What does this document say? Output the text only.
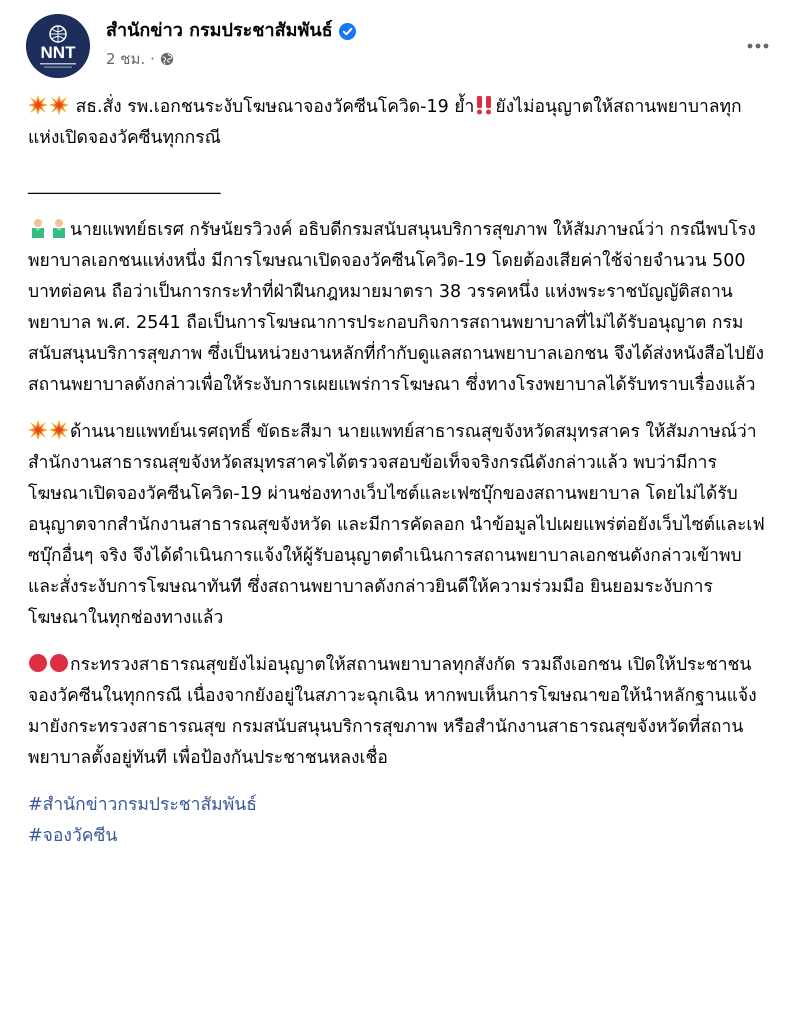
NNT
สำนักข่าว กรมประชาสัมพันธ์
2 ชม. ·

สธ.สั่ง รพ.เอกชนระงับโฆษณาจองวัคซีนโควิด-19 ย้ำ ยังไม่อนุญาตให้สถานพยาบาลทุกแห่งเปิดจองวัคซีนทุกกรณี

______________________

นายแพทย์ธเรศ กรัษนัยรวิวงค์ อธิบดีกรมสนับสนุนบริการสุขภาพ ให้สัมภาษณ์ว่า กรณีพบโรงพยาบาลเอกชนแห่งหนึ่ง มีการโฆษณาเปิดจองวัคซีนโควิด-19 โดยต้องเสียค่าใช้จ่ายจำนวน 500 บาทต่อคน ถือว่าเป็นการกระทำที่ฝ่าฝืนกฎหมายมาตรา 38 วรรคหนึ่ง แห่งพระราชบัญญัติสถานพยาบาล พ.ศ. 2541 ถือเป็นการโฆษณาการประกอบกิจการสถานพยาบาลที่ไม่ได้รับอนุญาต กรมสนับสนุนบริการสุขภาพ ซึ่งเป็นหน่วยงานหลักที่กำกับดูแลสถานพยาบาลเอกชน จึงได้ส่งหนังสือไปยังสถานพยาบาลดังกล่าวเพื่อให้ระงับการเผยแพร่การโฆษณา ซึ่งทางโรงพยาบาลได้รับทราบเรื่องแล้ว

ด้านนายแพทย์นเรศฤทธิ์ ขัดธะสีมา นายแพทย์สาธารณสุขจังหวัดสมุทรสาคร ให้สัมภาษณ์ว่า สำนักงานสาธารณสุขจังหวัดสมุทรสาครได้ตรวจสอบข้อเท็จจริงกรณีดังกล่าวแล้ว พบว่ามีการโฆษณาเปิดจองวัคซีนโควิด-19 ผ่านช่องทางเว็บไซต์และเฟซบุ๊กของสถานพยาบาล โดยไม่ได้รับอนุญาตจากสำนักงานสาธารณสุขจังหวัด และมีการคัดลอก นำข้อมูลไปเผยแพร่ต่อยังเว็บไซต์และเฟซบุ๊กอื่นๆ จริง จึงได้ดำเนินการแจ้งให้ผู้รับอนุญาตดำเนินการสถานพยาบาลเอกชนดังกล่าวเข้าพบ และสั่งระงับการโฆษณาทันที ซึ่งสถานพยาบาลดังกล่าวยินดีให้ความร่วมมือ ยินยอมระงับการโฆษณาในทุกช่องทางแล้ว

กระทรวงสาธารณสุขยังไม่อนุญาตให้สถานพยาบาลทุกสังกัด รวมถึงเอกชน เปิดให้ประชาชนจองวัคซีนในทุกกรณี เนื่องจากยังอยู่ในสภาวะฉุกเฉิน หากพบเห็นการโฆษณาขอให้นำหลักฐานแจ้งมายังกระทรวงสาธารณสุข กรมสนับสนุนบริการสุขภาพ หรือสำนักงานสาธารณสุขจังหวัดที่สถานพยาบาลตั้งอยู่ทันที เพื่อป้องกันประชาชนหลงเชื่อ

#สำนักข่าวกรมประชาสัมพันธ์
#จองวัคซีน
